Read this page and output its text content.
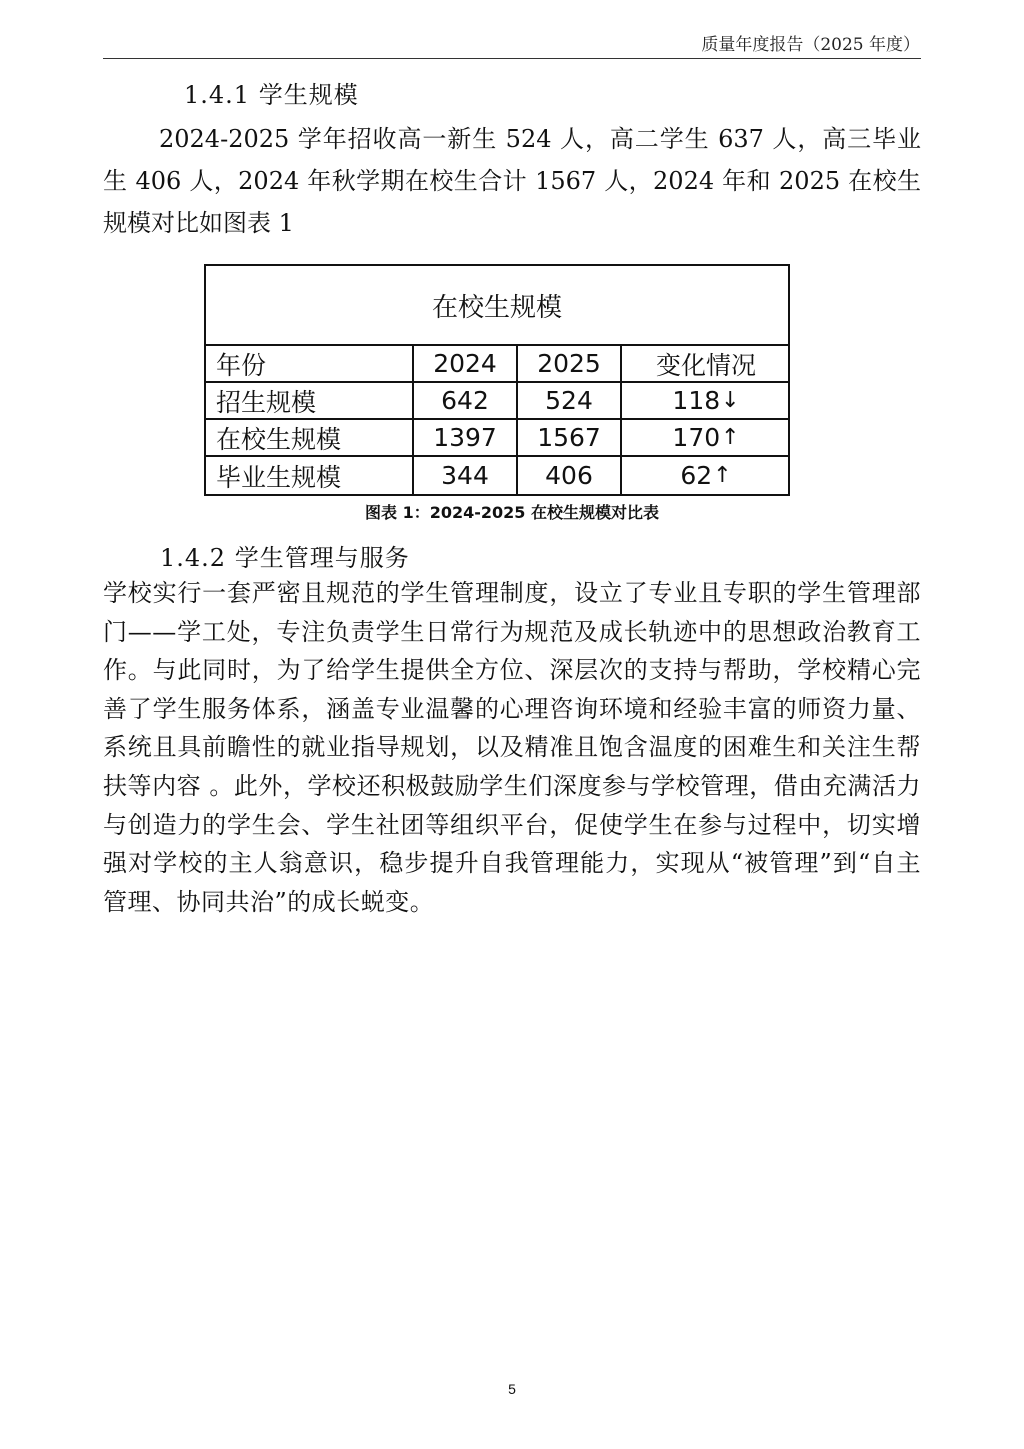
质量年度报告（2025 年度）
1.4.1 学生规模

2024-2025 学年招收高一新生 524 人，高二学生 637 人，高三毕业生 406 人，2024 年秋学期在校生合计 1567 人，2024 年和 2025 在校生规模对比如图表 1

在校生规模
年份	2024	2025	变化情况
招生规模	642	524	118 ↓
在校生规模	1397	1567	170 ↑
毕业生规模	344	406	62 ↑
图表 1：2024-2025 在校生规模对比表
1.4.2 学生管理与服务

学校实行一套严密且规范的学生管理制度，设立了专业且专职的学生管理部门——学工处，专注负责学生日常行为规范及成长轨迹中的思想政治教育工作。与此同时，为了给学生提供全方位、深层次的支持与帮助，学校精心完善了学生服务体系，涵盖专业温馨的心理咨询环境和经验丰富的师资力量、系统且具前瞻性的就业指导规划，以及精准且饱含温度的困难生和关注生帮扶等内容 。此外，学校还积极鼓励学生们深度参与学校管理，借由充满活力与创造力的学生会、学生社团等组织平台，促使学生在参与过程中，切实增强对学校的主人翁意识，稳步提升自我管理能力，实现从“被管理”到“自主管理、协同共治”的成长蜕变。

5
